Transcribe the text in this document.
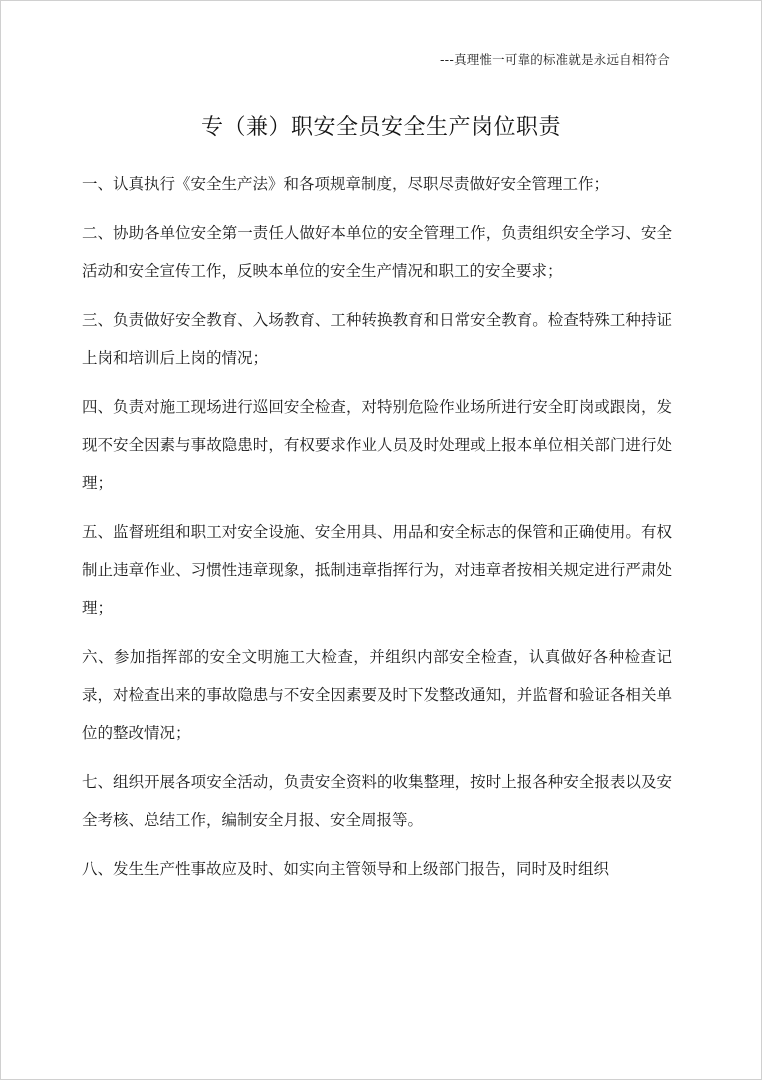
---真理惟一可靠的标准就是永远自相符合
专（兼）职安全员安全生产岗位职责
一、认真执行《安全生产法》和各项规章制度，尽职尽责做好安全管理工作；
二、协助各单位安全第一责任人做好本单位的安全管理工作，负责组织安全学习、安全活动和安全宣传工作，反映本单位的安全生产情况和职工的安全要求；
三、负责做好安全教育、入场教育、工种转换教育和日常安全教育。检查特殊工种持证上岗和培训后上岗的情况；
四、负责对施工现场进行巡回安全检查，对特别危险作业场所进行安全盯岗或跟岗，发现不安全因素与事故隐患时，有权要求作业人员及时处理或上报本单位相关部门进行处理；
五、监督班组和职工对安全设施、安全用具、用品和安全标志的保管和正确使用。有权制止违章作业、习惯性违章现象，抵制违章指挥行为，对违章者按相关规定进行严肃处理；
六、参加指挥部的安全文明施工大检查，并组织内部安全检查，认真做好各种检查记录，对检查出来的事故隐患与不安全因素要及时下发整改通知，并监督和验证各相关单位的整改情况；
七、组织开展各项安全活动，负责安全资料的收集整理，按时上报各种安全报表以及安全考核、总结工作，编制安全月报、安全周报等。
八、发生生产性事故应及时、如实向主管领导和上级部门报告，同时及时组织
